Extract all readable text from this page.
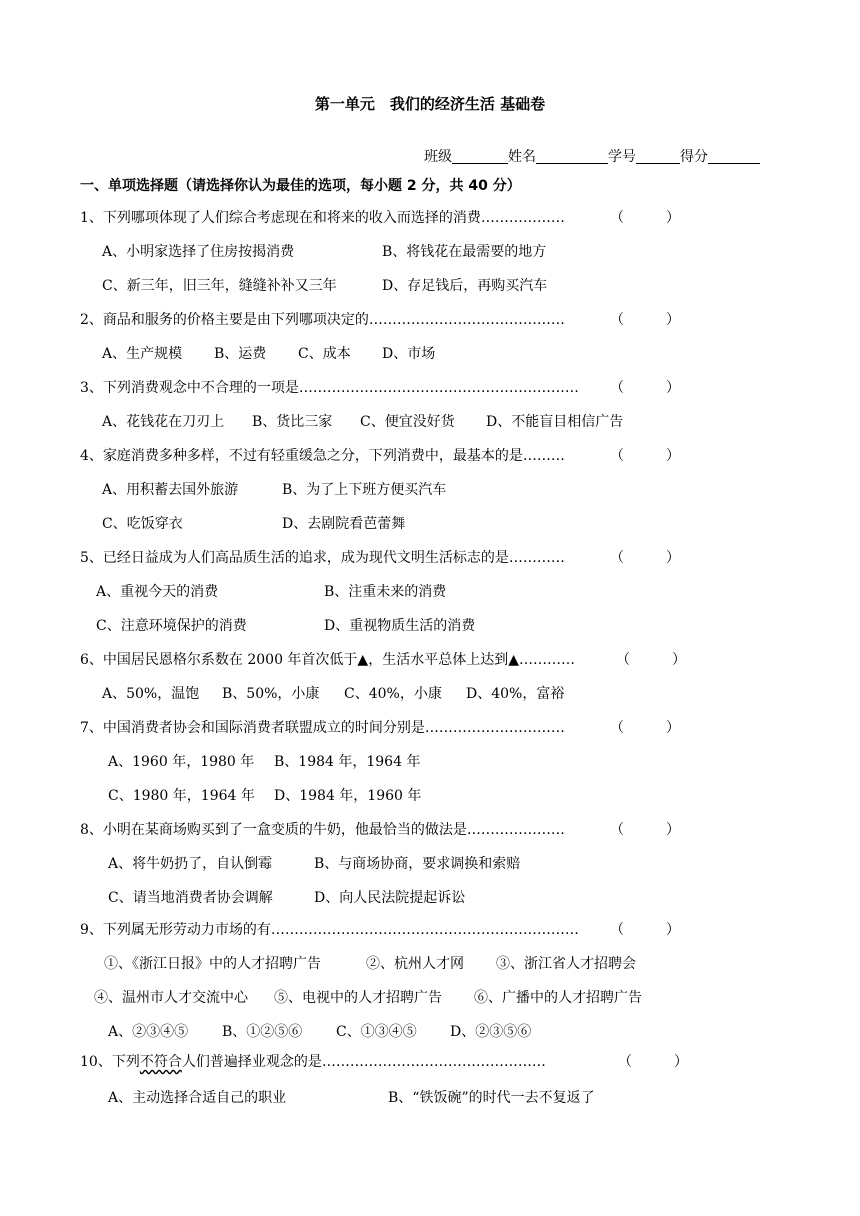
第一单元　我们的经济生活 基础卷
班级	姓名	学号	得分
一、单项选择题（请选择你认为最佳的选项，每小题 2 分，共 40 分）
1、下列哪项体现了人们综合考虑现在和将来的收入而选择的消费………………	（　　　）
A、小明家选择了住房按揭消费	B、将钱花在最需要的地方
C、新三年，旧三年，缝缝补补又三年	D、存足钱后，再购买汽车
2、商品和服务的价格主要是由下列哪项决定的……………………………………	（　　　）
A、生产规模 B、运费 C、成本 D、市场
3、下列消费观念中不合理的一项是…………………………………………………… （　　　）
A、花钱花在刀刃上 B、货比三家 C、便宜没好货 D、不能盲目相信广告
4、家庭消费多种多样，不过有轻重缓急之分，下列消费中，最基本的是………	（　　　）
A、用积蓄去国外旅游	B、为了上下班方便买汽车
C、吃饭穿衣	D、去剧院看芭蕾舞
5、已经日益成为人们高品质生活的追求，成为现代文明生活标志的是…………	（　　　）
A、重视今天的消费	B、注重未来的消费
C、注意环境保护的消费	D、重视物质生活的消费
6、中国居民恩格尔系数在 2000 年首次低于▲，生活水平总体上达到▲…………	（　　　）
A、50%，温饱 B、50%，小康 C、40%，小康 D、40%，富裕
7、中国消费者协会和国际消费者联盟成立的时间分别是…………………………	（　　　）
A、1960 年，1980 年 B、1984 年，1964 年
C、1980 年，1964 年 D、1984 年，1960 年
8、小明在某商场购买到了一盒变质的牛奶，他最恰当的做法是…………………	（　　　）
A、将牛奶扔了，自认倒霉	B、与商场协商，要求调换和索赔
C、请当地消费者协会调解	D、向人民法院提起诉讼
9、下列属无形劳动力市场的有………………………………………………………… （　　　）
①、《浙江日报》中的人才招聘广告	②、杭州人才网 ③、浙江省人才招聘会
④、温州市人才交流中心 ⑤、电视中的人才招聘广告 ⑥、广播中的人才招聘广告
A、②③④⑤ B、①②⑤⑥ C、①③④⑤ D、②③⑤⑥
10、下列不符合人们普遍择业观念的是…………………………………………	（　　　）
A、主动选择合适自己的职业	B、“铁饭碗”的时代一去不复返了
